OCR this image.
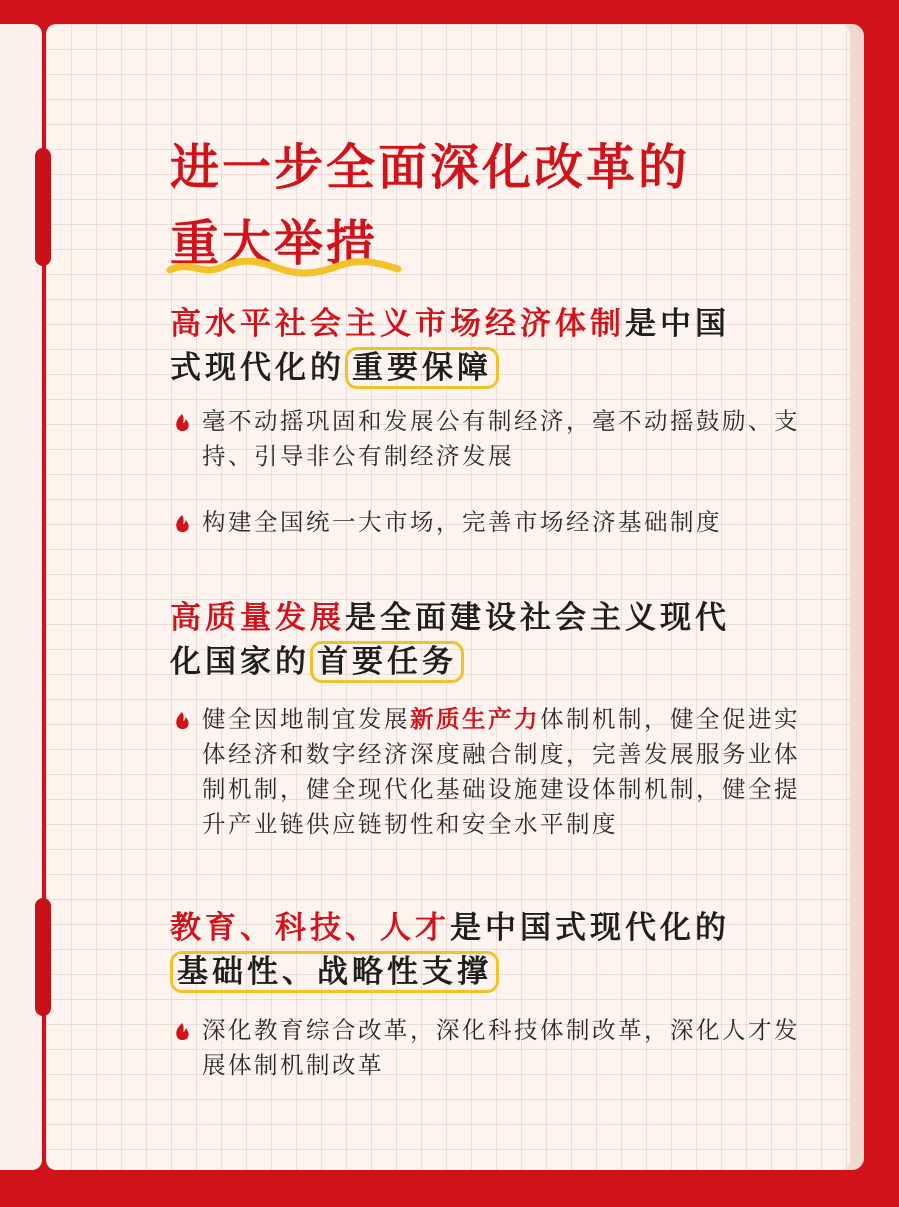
进一步全面深化改革的
重大举措
高水平社会主义市场经济体制是中国
式现代化的 重要保障
毫不动摇巩固和发展公有制经济，毫不动摇鼓励、支持、引导非公有制经济发展
构建全国统一大市场，完善市场经济基础制度
高质量发展是全面建设社会主义现代
化国家的 首要任务
健全因地制宜发展新质生产力体制机制，健全促进实体经济和数字经济深度融合制度，完善发展服务业体制机制，健全现代化基础设施建设体制机制，健全提升产业链供应链韧性和安全水平制度
教育、科技、人才是中国式现代化的
基础性、战略性支撑
深化教育综合改革，深化科技体制改革，深化人才发展体制机制改革
